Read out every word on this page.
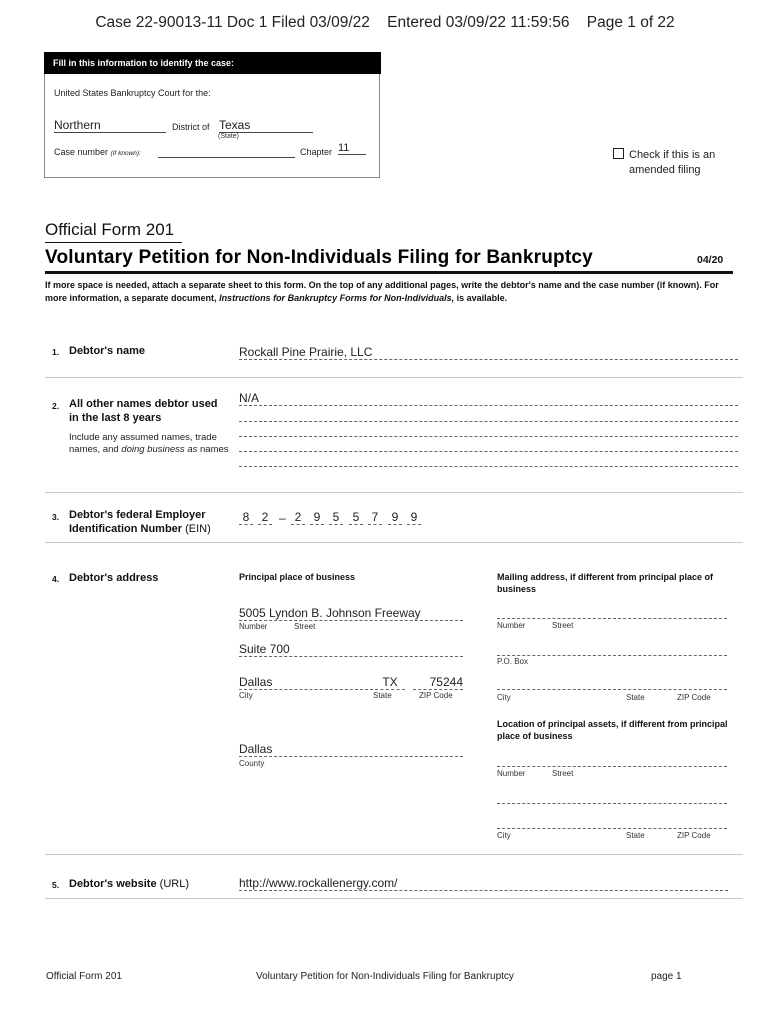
Case 22-90013-11 Doc 1 Filed 03/09/22    Entered 03/09/22 11:59:56    Page 1 of 22
Fill in this information to identify the case:
United States Bankruptcy Court for the:
Northern	District of Texas
(State)
Case number (If known):	Chapter 11
Check if this is an amended filing
Official Form 201
Voluntary Petition for Non-Individuals Filing for Bankruptcy	04/20
If more space is needed, attach a separate sheet to this form. On the top of any additional pages, write the debtor's name and the case number (if known). For more information, a separate document, Instructions for Bankruptcy Forms for Non-Individuals, is available.
1. Debtor's name	Rockall Pine Prairie, LLC
2. All other names debtor used in the last 8 years
Include any assumed names, trade names, and doing business as names
N/A
3. Debtor's federal Employer Identification Number (EIN)
8	2 – 2	9	5	5	7	9	9
4. Debtor's address	Principal place of business
5005 Lyndon B. Johnson Freeway
Number	Street
Suite 700
Dallas	TX	75244
City	State	ZIP Code
Dallas
County
Mailing address, if different from principal place of business
Number	Street
P.O. Box
City	State	ZIP Code
Location of principal assets, if different from principal place of business
Number	Street
City	State	ZIP Code
5. Debtor's website (URL)	http://www.rockallenergy.com/
Official Form 201	Voluntary Petition for Non-Individuals Filing for Bankruptcy	page 1
